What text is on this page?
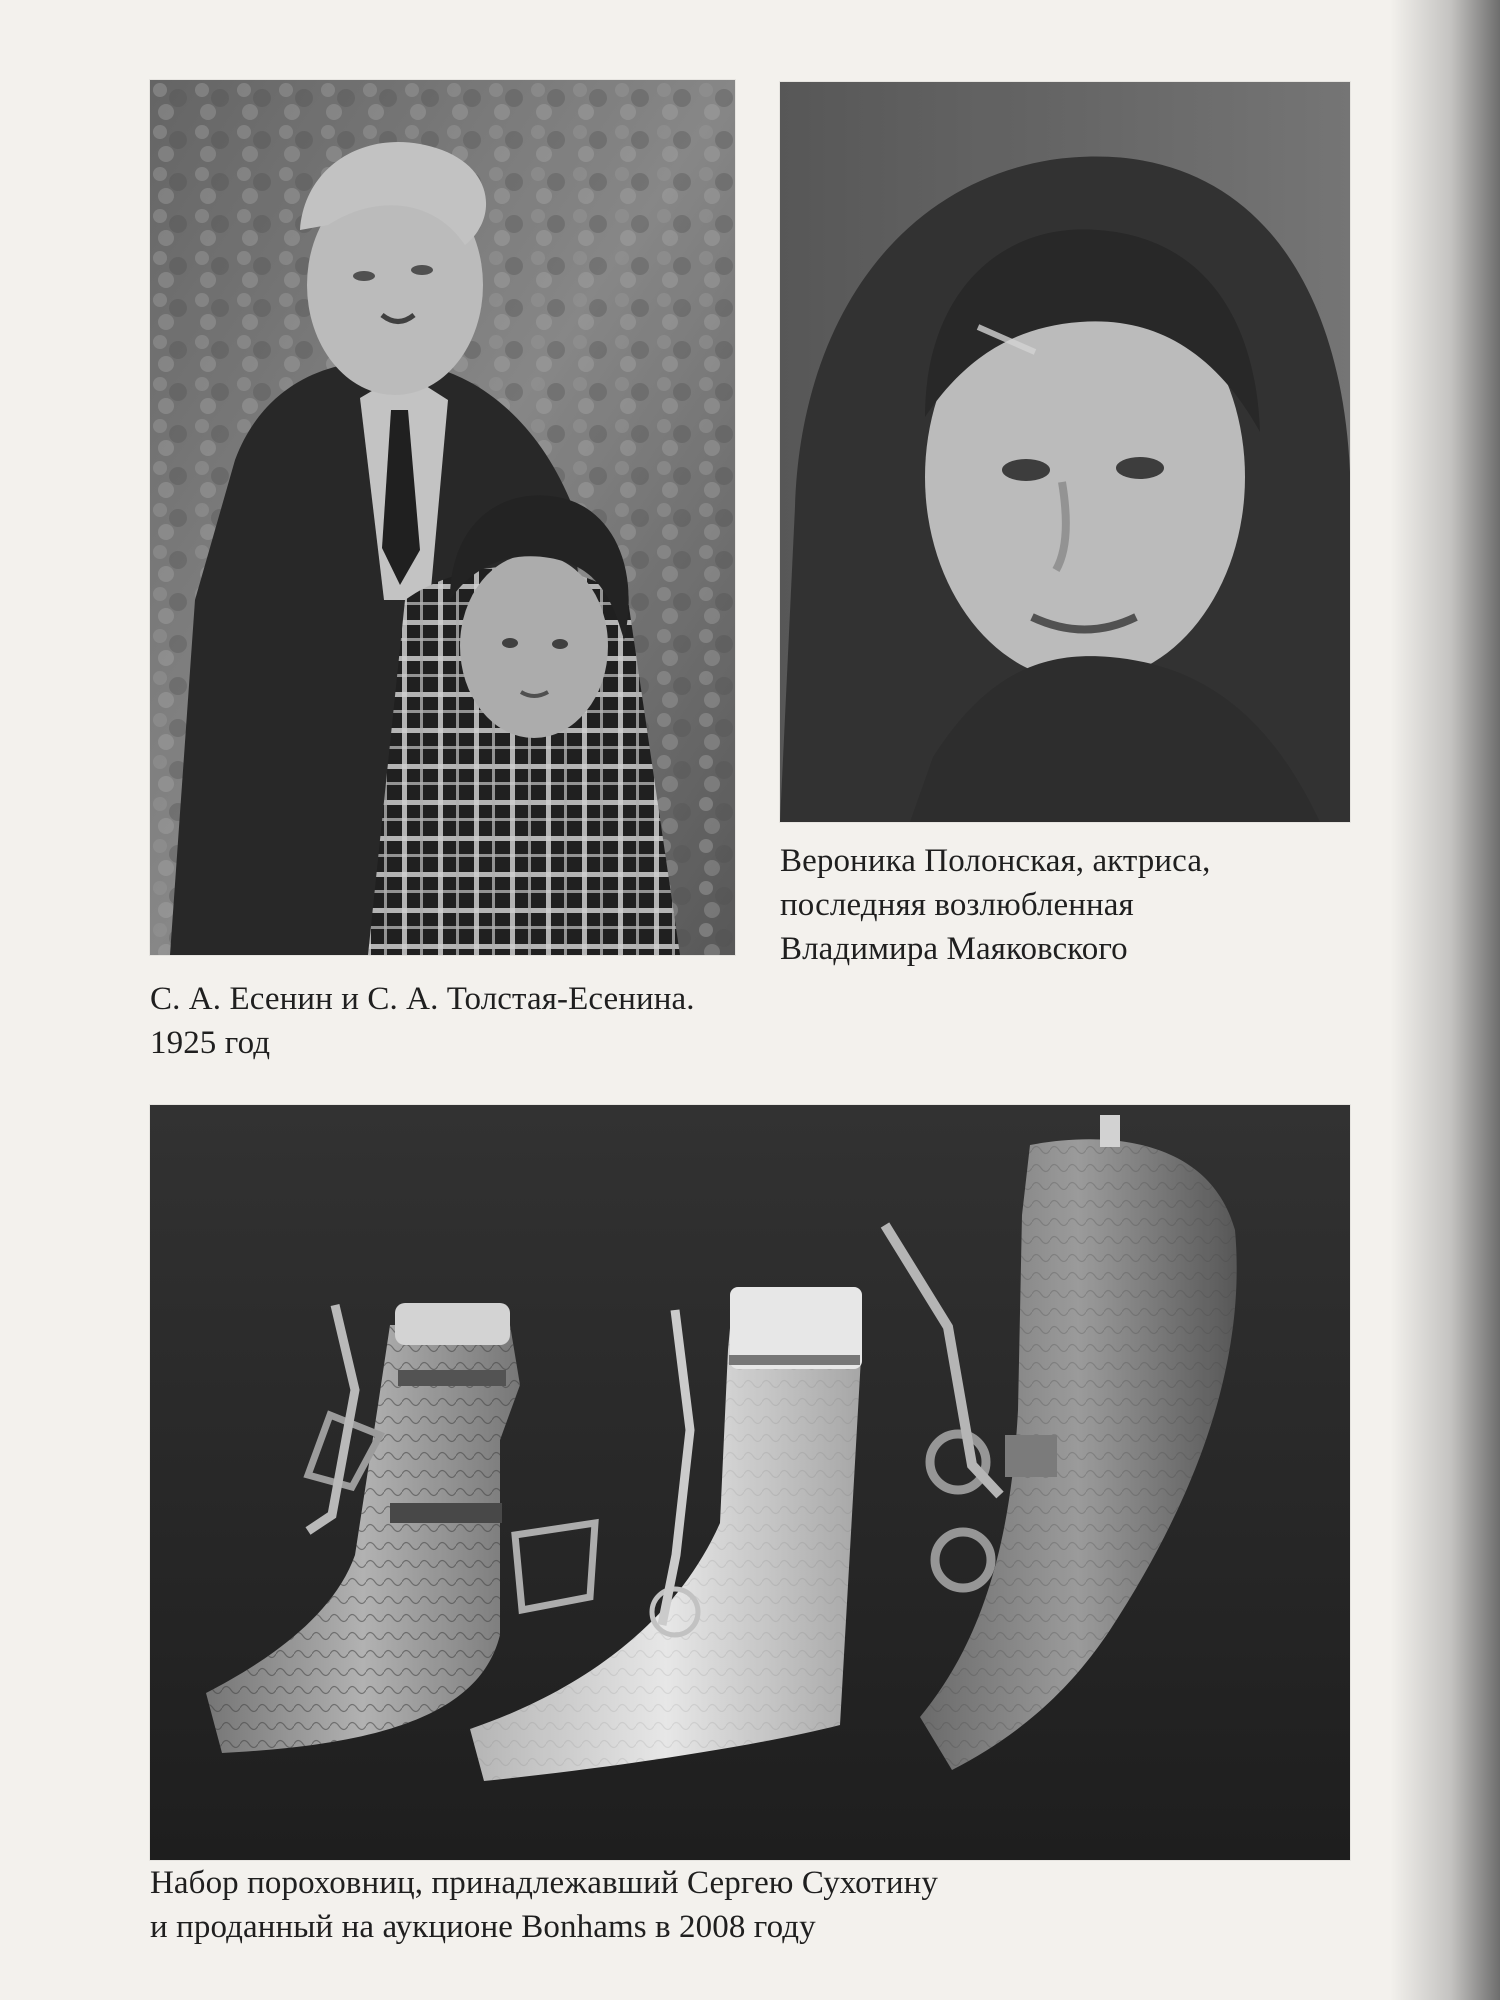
С. А. Есенин и С. А. Толстая-Есенина.
1925 год
Вероника Полонская, актриса,
последняя возлюбленная
Владимира Маяковского
Набор пороховниц, принадлежавший Сергею Сухотину
и проданный на аукционе Bonhams в 2008 году
